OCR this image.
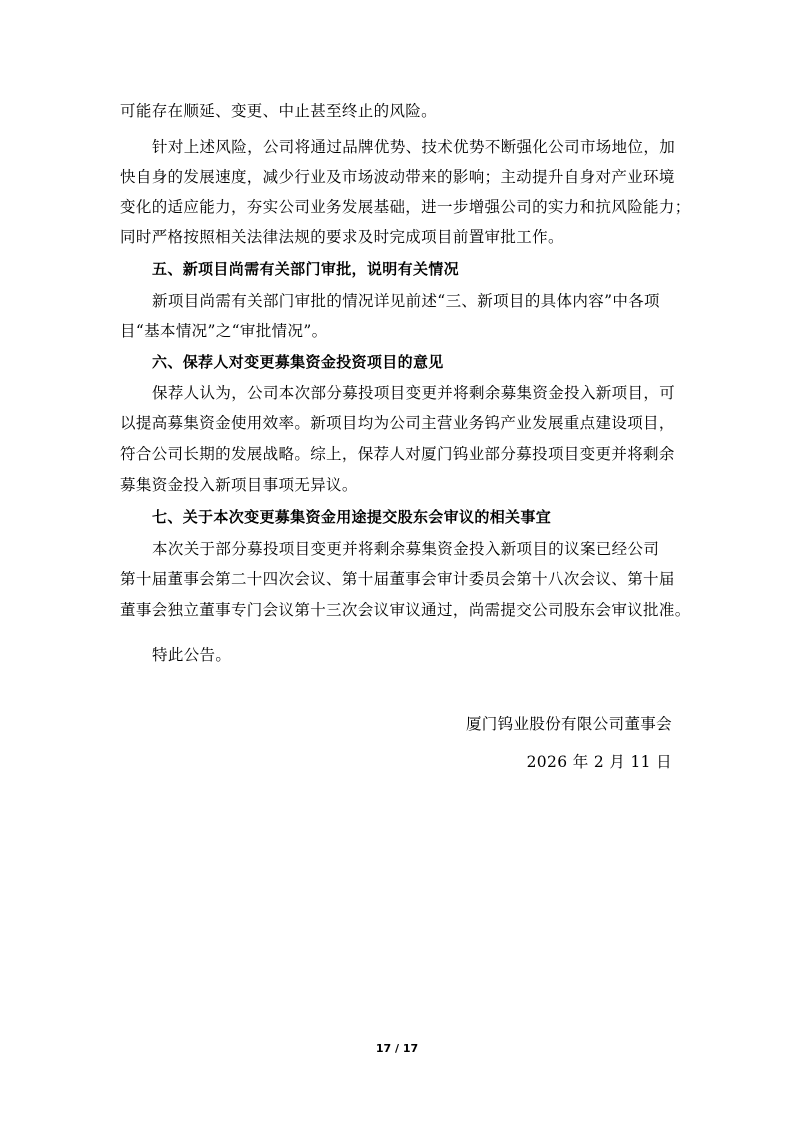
可能存在顺延、变更、中止甚至终止的风险。
针对上述风险，公司将通过品牌优势、技术优势不断强化公司市场地位，加
快自身的发展速度，减少行业及市场波动带来的影响；主动提升自身对产业环境
变化的适应能力，夯实公司业务发展基础，进一步增强公司的实力和抗风险能力；
同时严格按照相关法律法规的要求及时完成项目前置审批工作。
五、新项目尚需有关部门审批，说明有关情况
新项目尚需有关部门审批的情况详见前述“三、新项目的具体内容”中各项
目“基本情况”之“审批情况”。
六、保荐人对变更募集资金投资项目的意见
保荐人认为，公司本次部分募投项目变更并将剩余募集资金投入新项目，可
以提高募集资金使用效率。新项目均为公司主营业务钨产业发展重点建设项目，
符合公司长期的发展战略。综上，保荐人对厦门钨业部分募投项目变更并将剩余
募集资金投入新项目事项无异议。
七、关于本次变更募集资金用途提交股东会审议的相关事宜
本次关于部分募投项目变更并将剩余募集资金投入新项目的议案已经公司
第十届董事会第二十四次会议、第十届董事会审计委员会第十八次会议、第十届
董事会独立董事专门会议第十三次会议审议通过，尚需提交公司股东会审议批准。
特此公告。
厦门钨业股份有限公司董事会
2026 年 2 月 11 日
17 / 17
